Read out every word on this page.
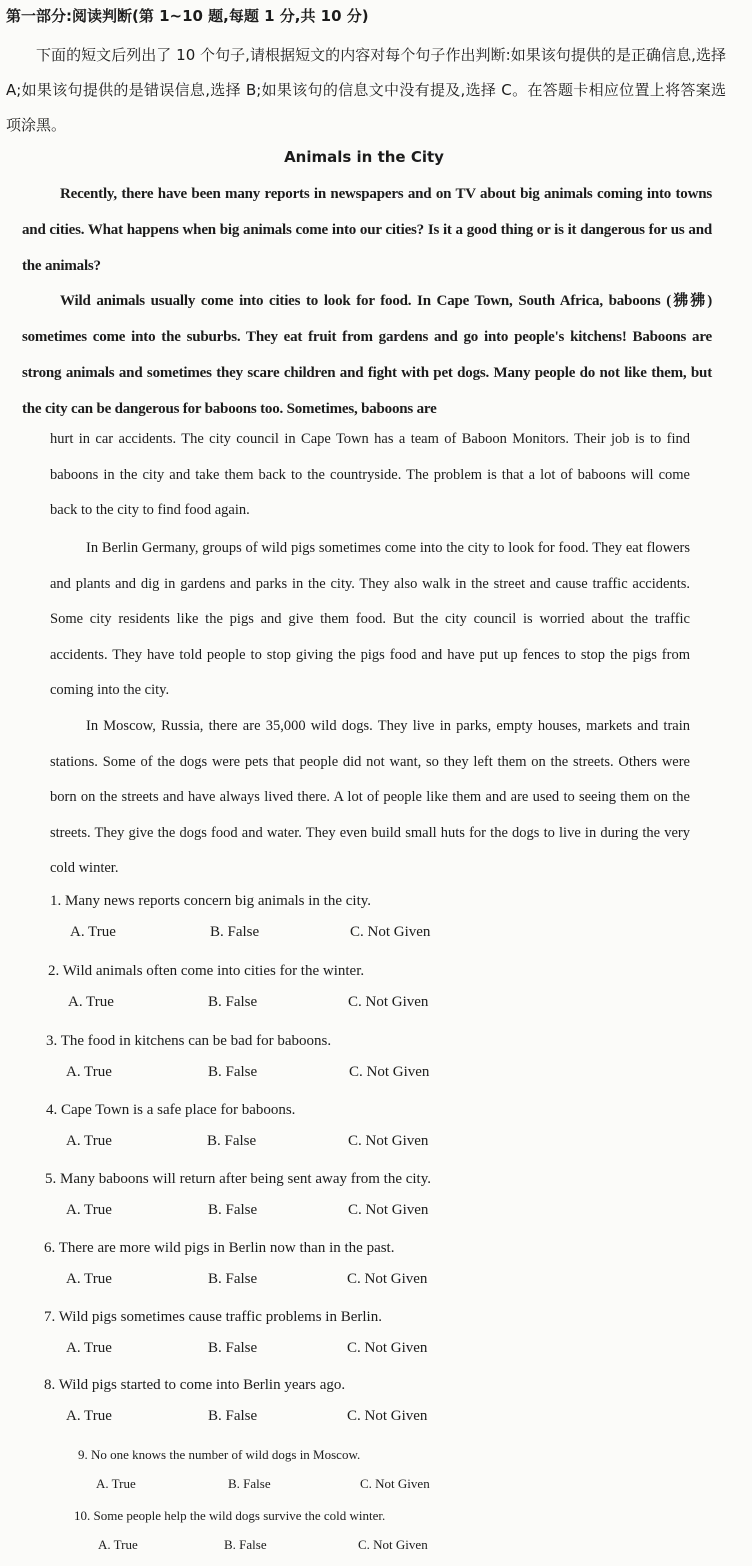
第一部分:阅读判断(第 1~10 题,每题 1 分,共 10 分)

下面的短文后列出了 10 个句子,请根据短文的内容对每个句子作出判断:如果该句提供的是正确信息,选择 A;如果该句提供的是错误信息,选择 B;如果该句的信息文中没有提及,选择 C。在答题卡相应位置上将答案选项涂黑。

Animals in the City

Recently, there have been many reports in newspapers and on TV about big animals coming into towns and cities. What happens when big animals come into our cities? Is it a good thing or is it dangerous for us and the animals?

Wild animals usually come into cities to look for food. In Cape Town, South Africa, baboons (狒狒) sometimes come into the suburbs. They eat fruit from gardens and go into people's kitchens! Baboons are strong animals and sometimes they scare children and fight with pet dogs. Many people do not like them, but the city can be dangerous for baboons too. Sometimes, baboons are

hurt in car accidents. The city council in Cape Town has a team of Baboon Monitors. Their job is to find baboons in the city and take them back to the countryside. The problem is that a lot of baboons will come back to the city to find food again.

In Berlin Germany, groups of wild pigs sometimes come into the city to look for food. They eat flowers and plants and dig in gardens and parks in the city. They also walk in the street and cause traffic accidents. Some city residents like the pigs and give them food. But the city council is worried about the traffic accidents. They have told people to stop giving the pigs food and have put up fences to stop the pigs from coming into the city.

In Moscow, Russia, there are 35,000 wild dogs. They live in parks, empty houses, markets and train stations. Some of the dogs were pets that people did not want, so they left them on the streets. Others were born on the streets and have always lived there. A lot of people like them and are used to seeing them on the streets. They give the dogs food and water. They even build small huts for the dogs to live in during the very cold winter.

1. Many news reports concern big animals in the city.
A. True	B. False	C. Not Given
2. Wild animals often come into cities for the winter.
A. True	B. False	C. Not Given
3. The food in kitchens can be bad for baboons.
A. True	B. False	C. Not Given
4. Cape Town is a safe place for baboons.
A. True	B. False	C. Not Given
5. Many baboons will return after being sent away from the city.
A. True	B. False	C. Not Given
6. There are more wild pigs in Berlin now than in the past.
A. True	B. False	C. Not Given
7. Wild pigs sometimes cause traffic problems in Berlin.
A. True	B. False	C. Not Given
8. Wild pigs started to come into Berlin years ago.
A. True	B. False	C. Not Given
9. No one knows the number of wild dogs in Moscow.
A. True	B. False	C. Not Given
10. Some people help the wild dogs survive the cold winter.
A. True	B. False	C. Not Given
